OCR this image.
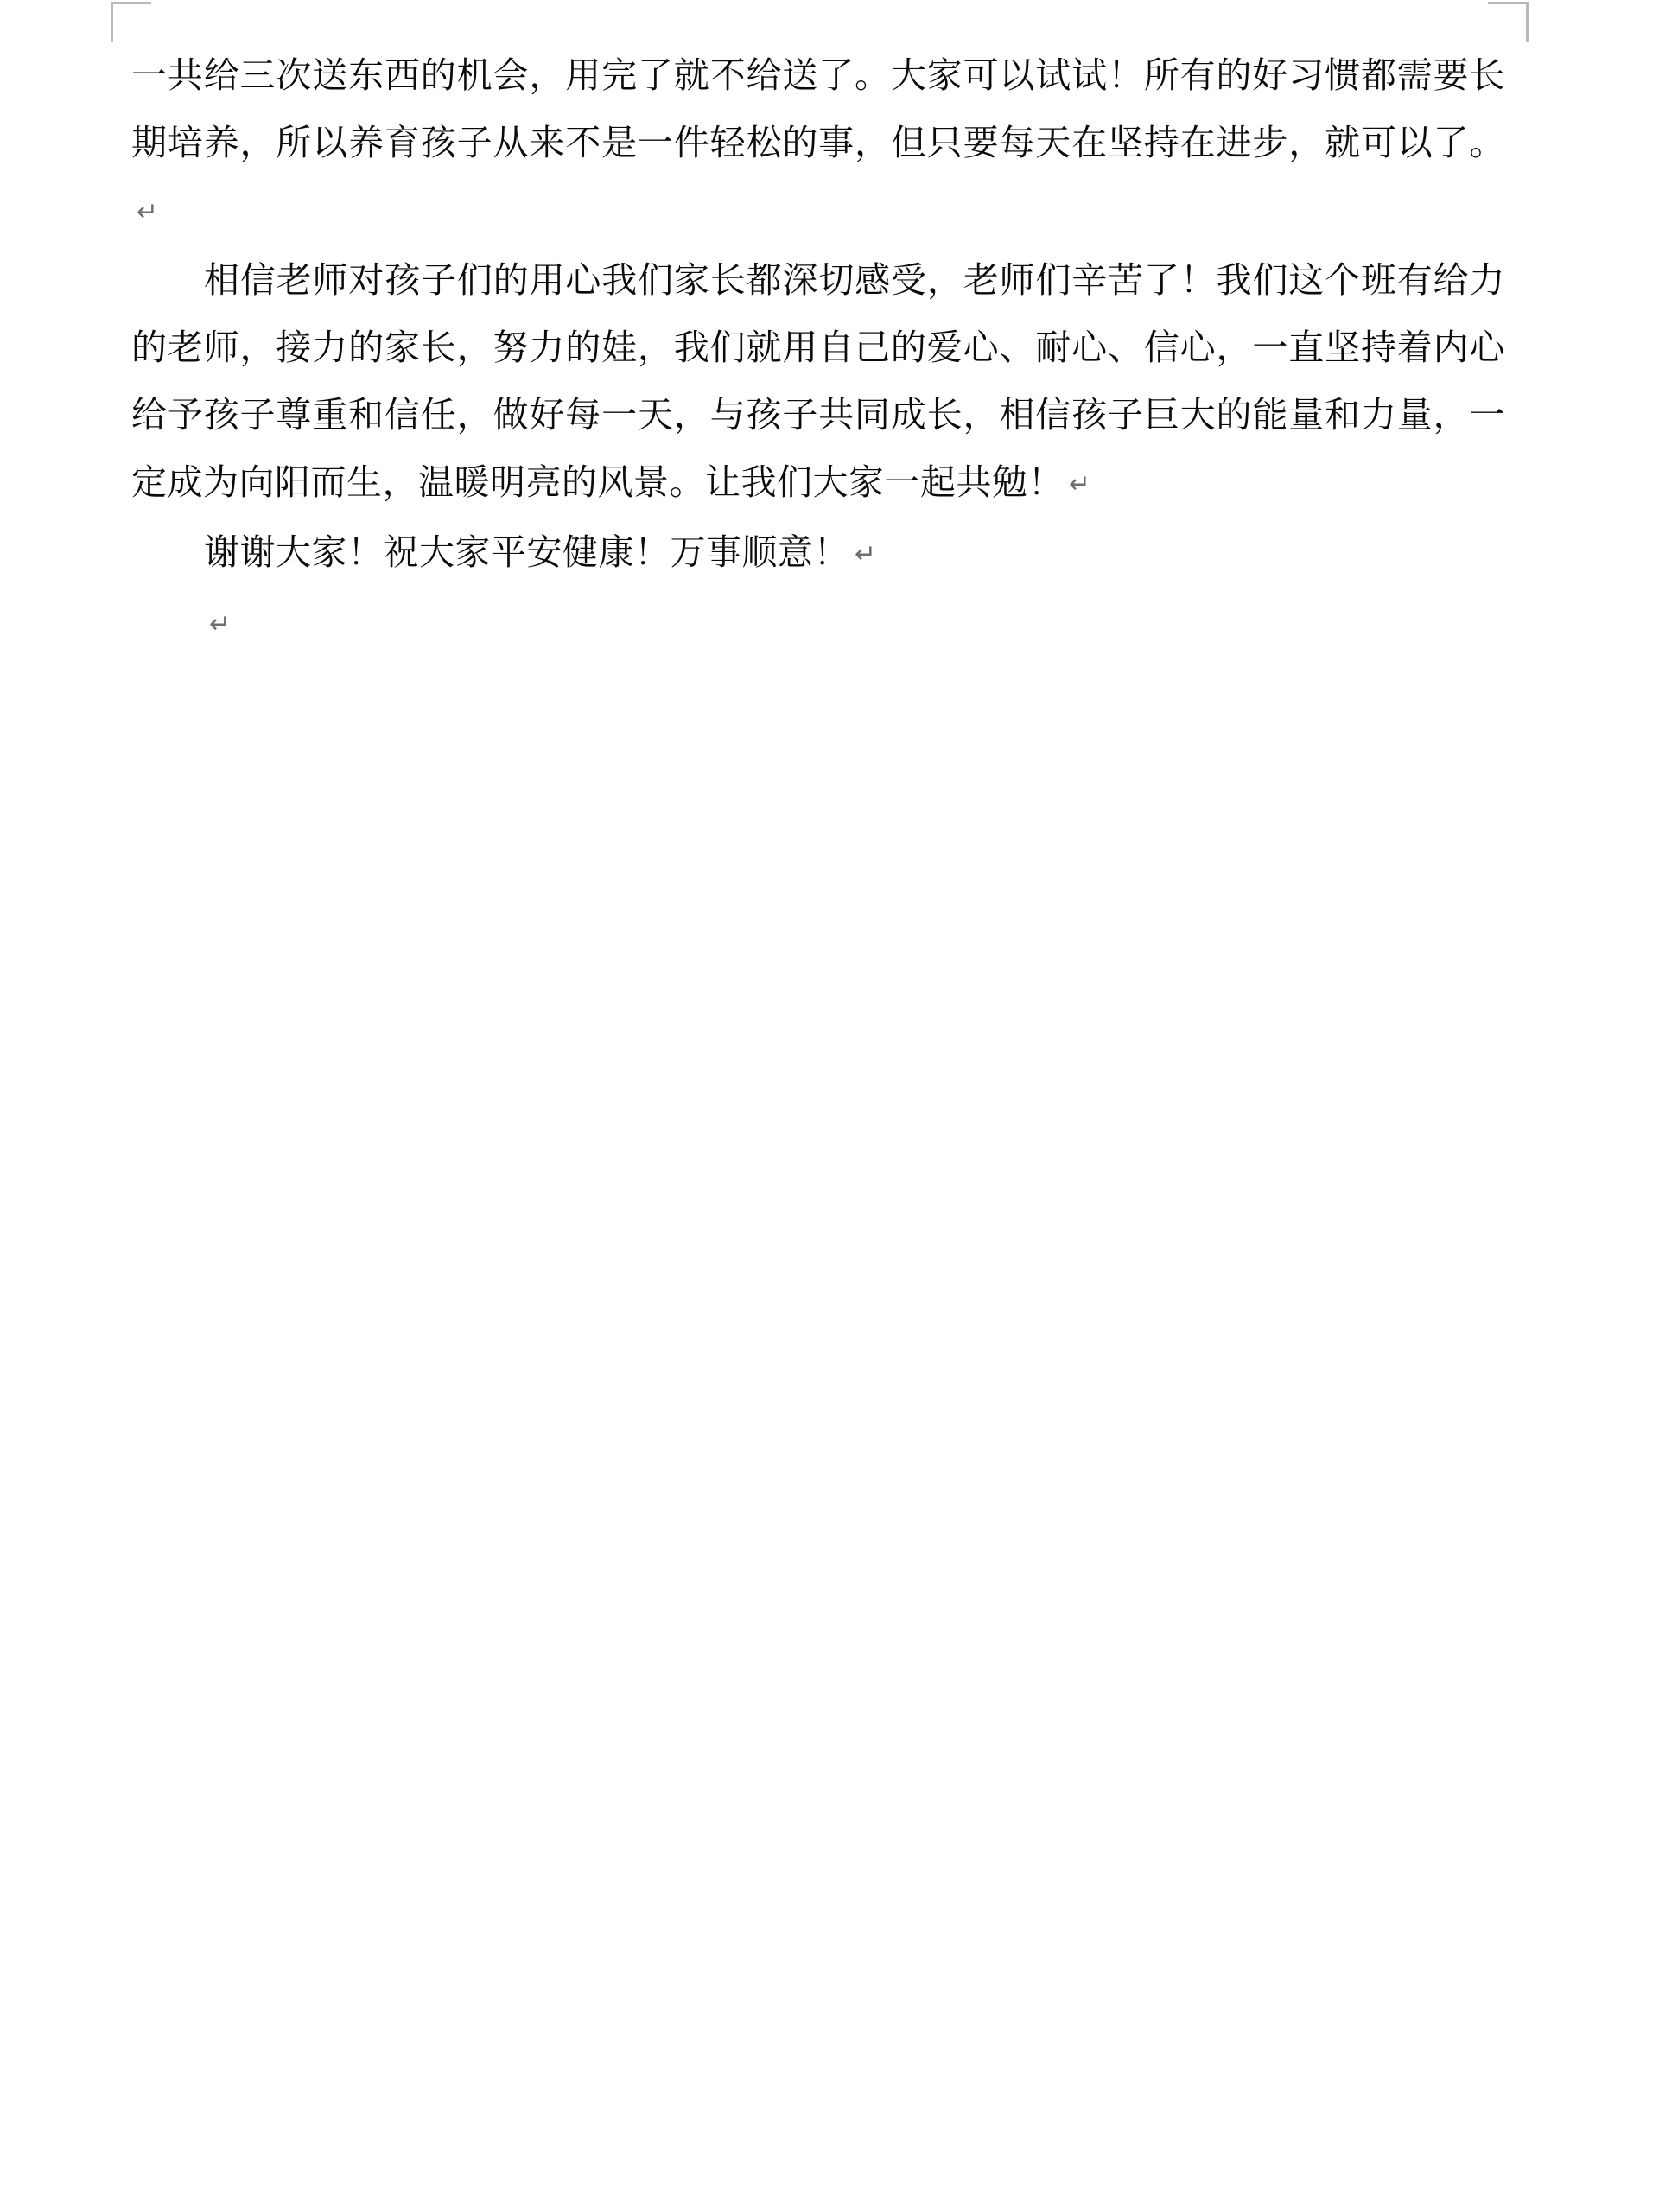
一共给三次送东西的机会，用完了就不给送了。大家可以试试！所有的好习惯都需要长期培养，所以养育孩子从来不是一件轻松的事，但只要每天在坚持在进步，就可以了。↵

相信老师对孩子们的用心我们家长都深切感受，老师们辛苦了！我们这个班有给力的老师，接力的家长，努力的娃，我们就用自己的爱心、耐心、信心，一直坚持着内心给予孩子尊重和信任，做好每一天，与孩子共同成长，相信孩子巨大的能量和力量，一定成为向阳而生，温暖明亮的风景。让我们大家一起共勉！ ↵

谢谢大家！祝大家平安健康！万事顺意！ ↵

↵
